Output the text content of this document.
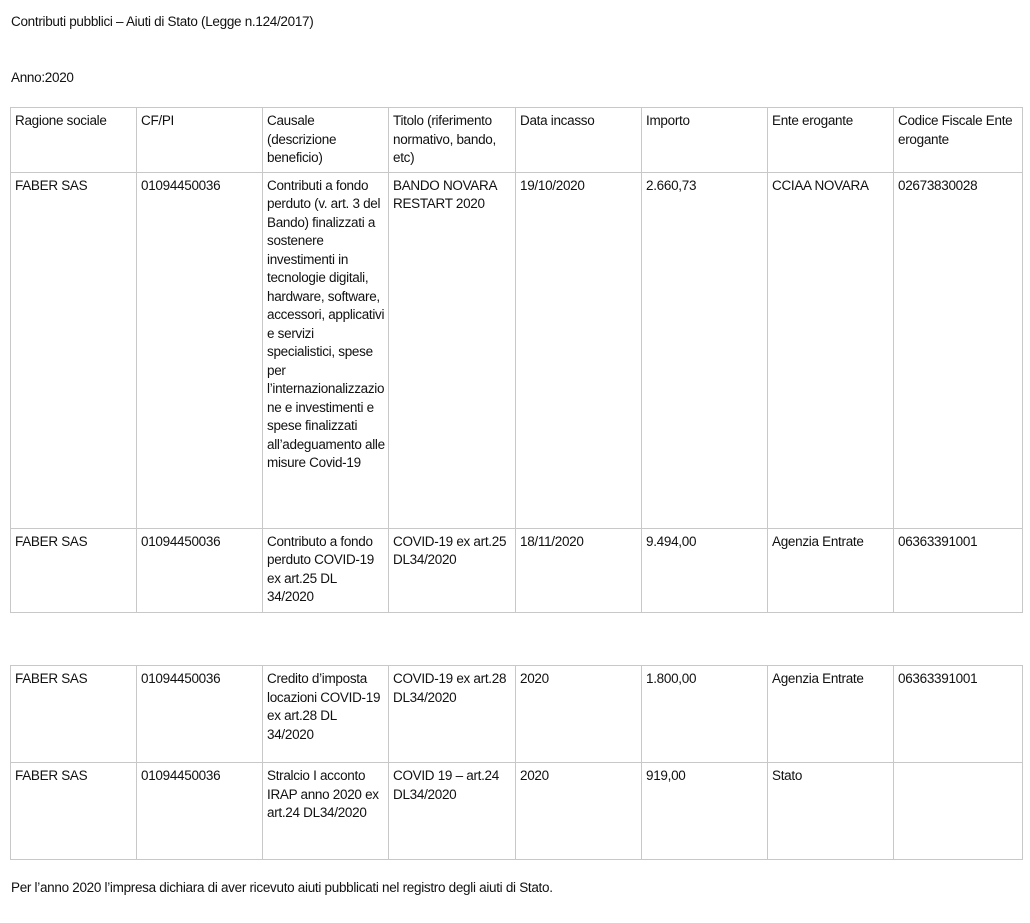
Contributi pubblici – Aiuti di Stato (Legge n.124/2017)
Anno:2020
Ragione sociale	CF/PI	Causale (descrizione beneficio)	Titolo (riferimento normativo, bando, etc)	Data incasso	Importo	Ente erogante	Codice Fiscale Ente erogante
FABER SAS	01094450036	Contributi a fondo perduto (v. art. 3 del Bando) finalizzati a sostenere investimenti in tecnologie digitali, hardware, software, accessori, applicativi e servizi specialistici, spese per l’internazionalizzazione e investimenti e spese finalizzati all’adeguamento alle misure Covid-19	BANDO NOVARA RESTART 2020	19/10/2020	2.660,73	CCIAA NOVARA	02673830028
FABER SAS	01094450036	Contributo a fondo perduto COVID-19 ex art.25 DL 34/2020	COVID-19 ex art.25 DL34/2020	18/11/2020	9.494,00	Agenzia Entrate	06363391001
FABER SAS	01094450036	Credito d’imposta locazioni COVID-19 ex art.28 DL 34/2020	COVID-19 ex art.28 DL34/2020	2020	1.800,00	Agenzia Entrate	06363391001
FABER SAS	01094450036	Stralcio I acconto IRAP anno 2020 ex art.24 DL34/2020	COVID 19 – art.24 DL34/2020	2020	919,00	Stato	
Per l’anno 2020 l’impresa dichiara di aver ricevuto aiuti pubblicati nel registro degli aiuti di Stato.
